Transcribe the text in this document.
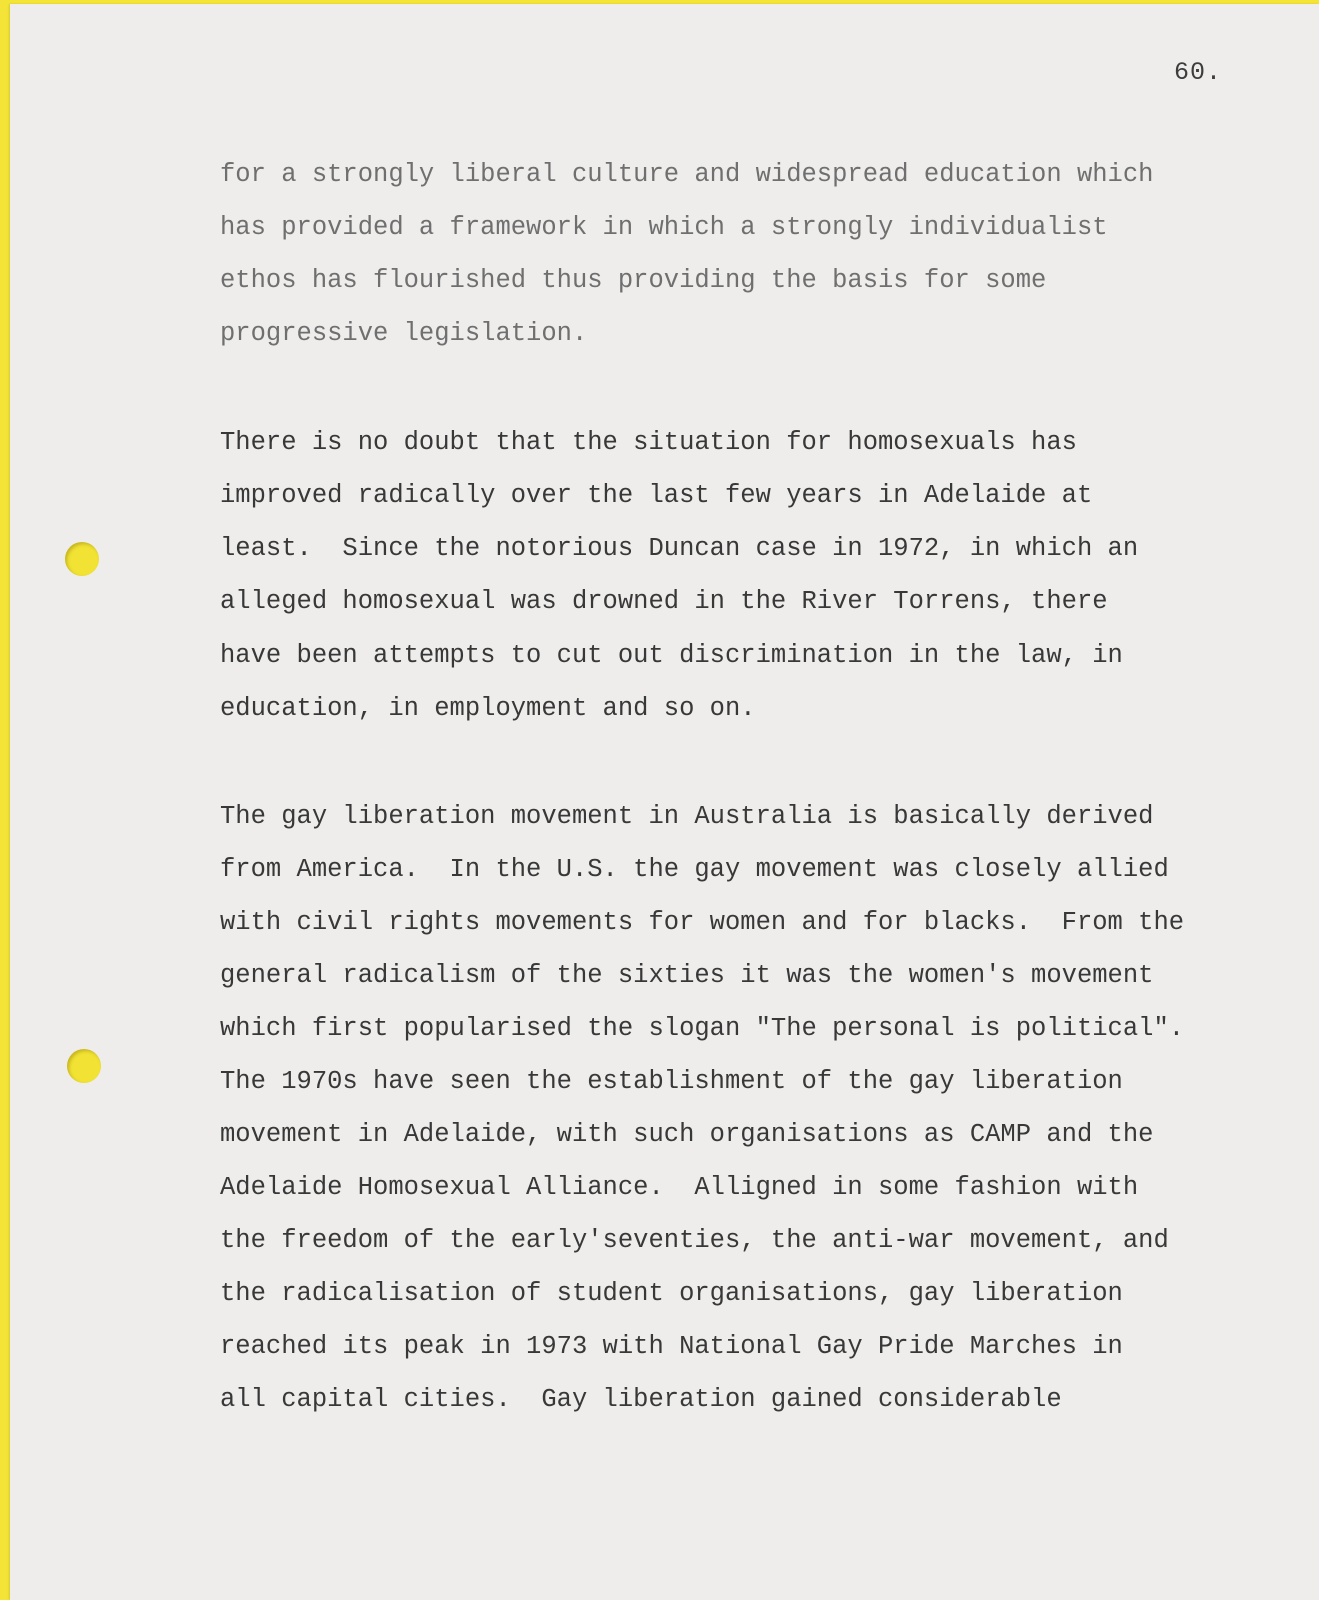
60.
for a strongly liberal culture and widespread education which
has provided a framework in which a strongly individualist
ethos has flourished thus providing the basis for some
progressive legislation.
There is no doubt that the situation for homosexuals has
improved radically over the last few years in Adelaide at
least.  Since the notorious Duncan case in 1972, in which an
alleged homosexual was drowned in the River Torrens, there
have been attempts to cut out discrimination in the law, in
education, in employment and so on.
The gay liberation movement in Australia is basically derived
from America.  In the U.S. the gay movement was closely allied
with civil rights movements for women and for blacks.  From the
general radicalism of the sixties it was the women's movement
which first popularised the slogan "The personal is political".
The 1970s have seen the establishment of the gay liberation
movement in Adelaide, with such organisations as CAMP and the
Adelaide Homosexual Alliance.  Alligned in some fashion with
the freedom of the early'seventies, the anti-war movement, and
the radicalisation of student organisations, gay liberation
reached its peak in 1973 with National Gay Pride Marches in
all capital cities.  Gay liberation gained considerable
